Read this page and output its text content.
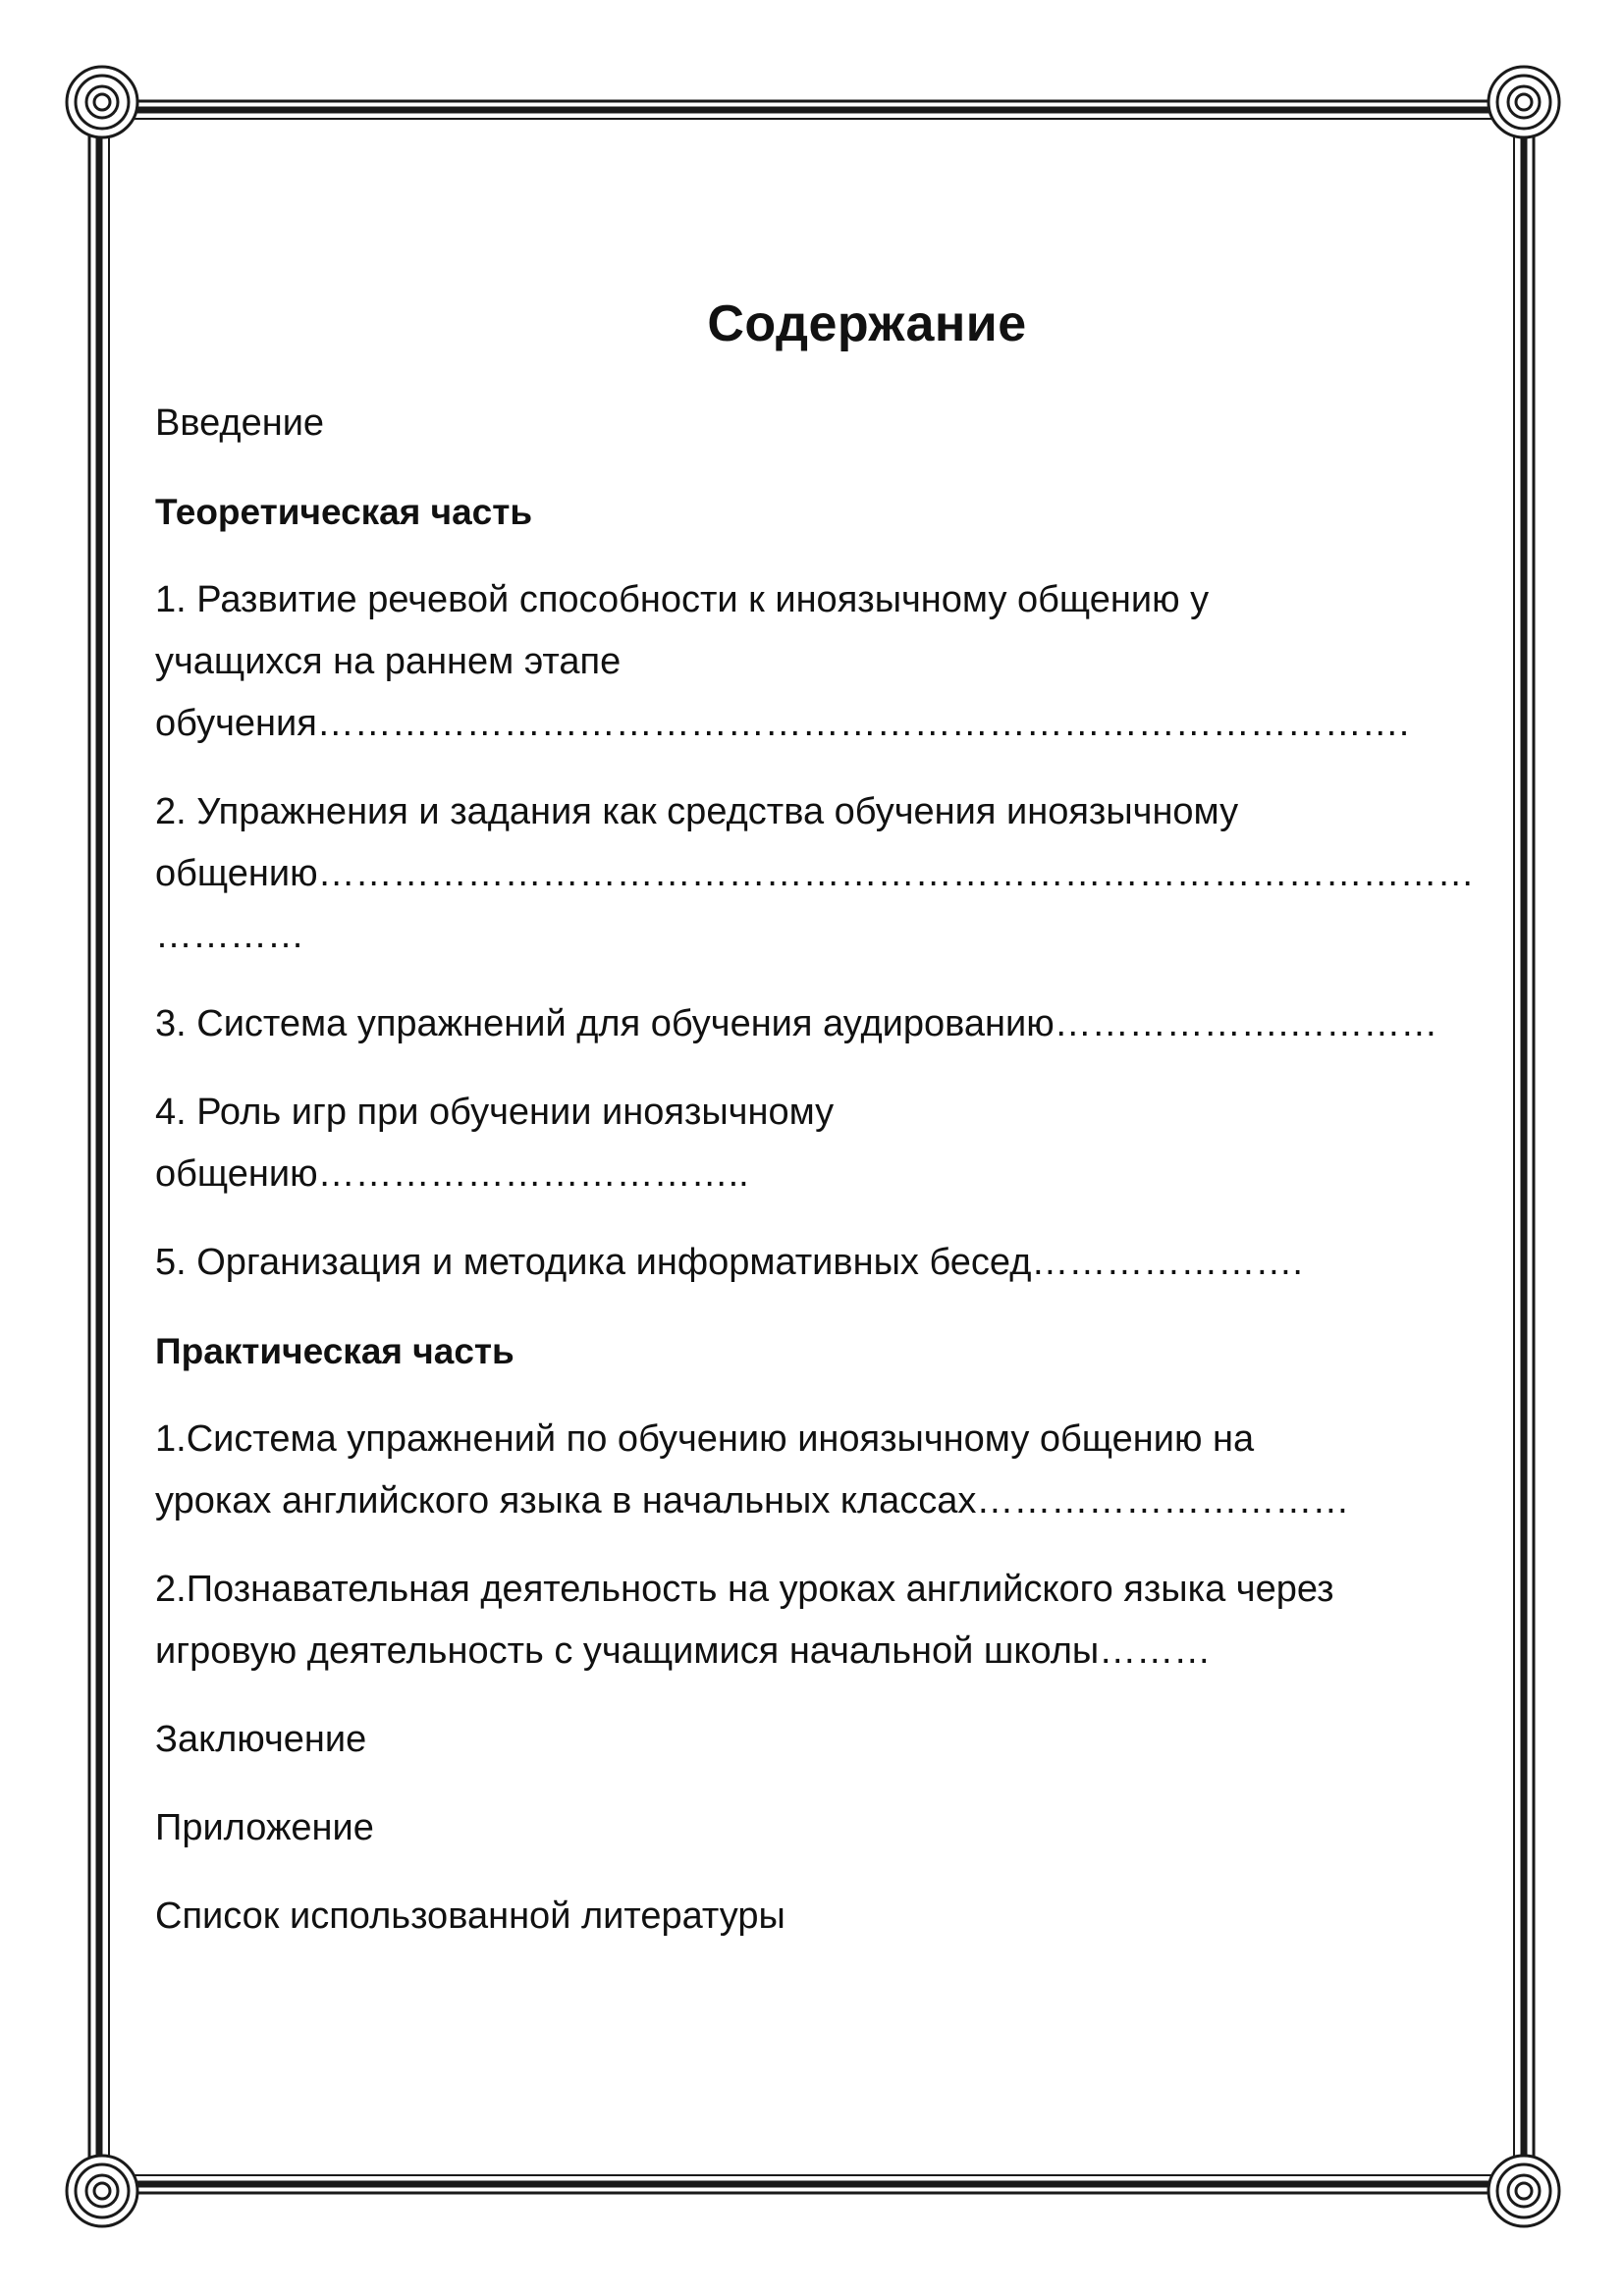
Содержание
Введение
Теоретическая часть
1. Развитие речевой способности к иноязычному общению у
учащихся на раннем этапе
обучения…………………………………………………………………………….
2. Упражнения и задания как средства обучения иноязычному
общению……………………………………………………………………………………………
3. Система упражнений для обучения аудированию……………….…………
4. Роль игр при обучении иноязычному
общению……………………………..
5. Организация и методика информативных бесед………………….
Практическая часть
1.Система упражнений по обучению иноязычному общению на
уроках английского языка в начальных классах…………………………
2.Познавательная деятельность на уроках английского языка через
игровую деятельность с учащимися начальной школы………
Заключение
Приложение
Список использованной литературы
